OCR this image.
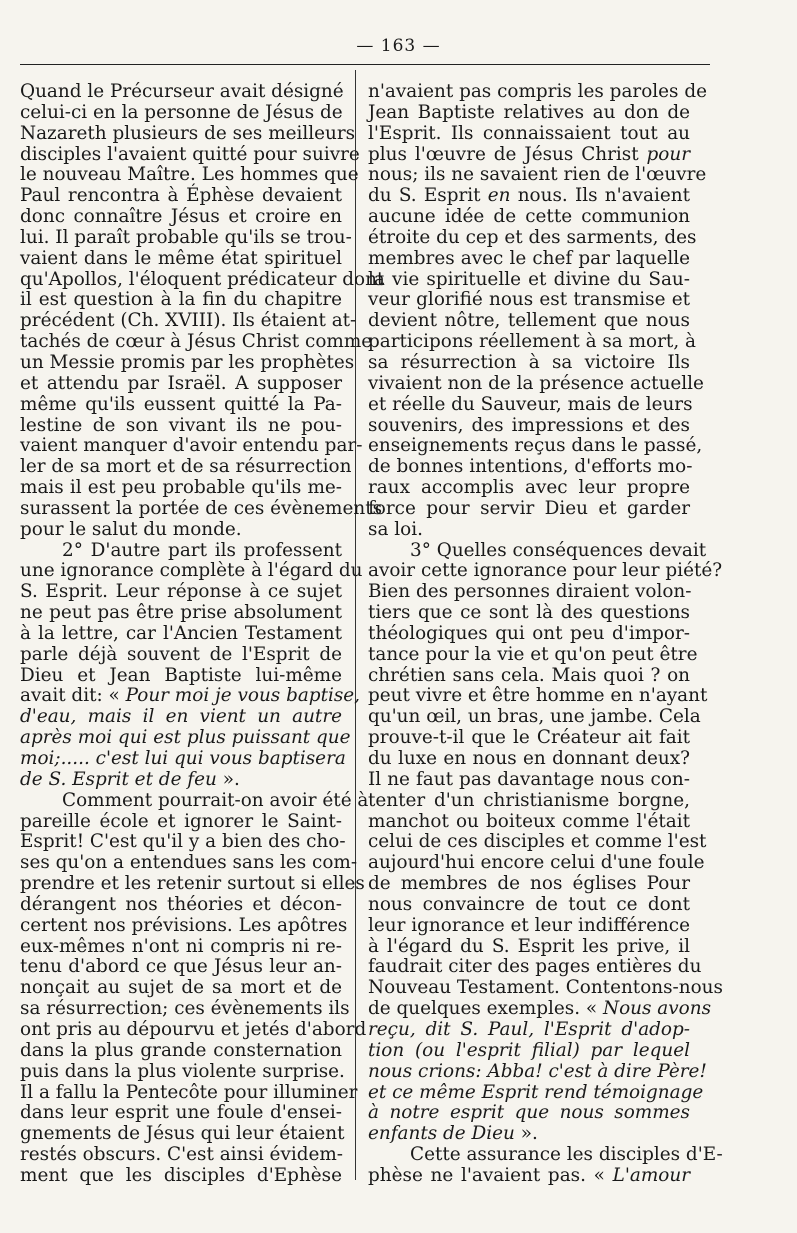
— 163 —
Quand le Précurseur avait désigné
celui-ci en la personne de Jésus de
Nazareth plusieurs de ses meilleurs
disciples l'avaient quitté pour suivre
le nouveau Maître. Les hommes que
Paul rencontra à Éphèse devaient
donc connaître Jésus et croire en
lui. Il paraît probable qu'ils se trou-
vaient dans le même état spirituel
qu'Apollos, l'éloquent prédicateur dont
il est question à la fin du chapitre
précédent (Ch. XVIII). Ils étaient at-
tachés de cœur à Jésus Christ comme
un Messie promis par les prophètes
et attendu par Israël. A supposer
même qu'ils eussent quitté la Pa-
lestine de son vivant ils ne pou-
vaient manquer d'avoir entendu par-
ler de sa mort et de sa résurrection
mais il est peu probable qu'ils me-
surassent la portée de ces évènements
pour le salut du monde.
2° D'autre part ils professent
une ignorance complète à l'égard du
S. Esprit. Leur réponse à ce sujet
ne peut pas être prise absolument
à la lettre, car l'Ancien Testament
parle déjà souvent de l'Esprit de
Dieu et Jean Baptiste lui-même
avait dit: « Pour moi je vous baptise,
d'eau, mais il en vient un autre
après moi qui est plus puissant que
moi;..... c'est lui qui vous baptisera
de S. Esprit et de feu ».
Comment pourrait-on avoir été à
pareille école et ignorer le Saint-
Esprit! C'est qu'il y a bien des cho-
ses qu'on a entendues sans les com-
prendre et les retenir surtout si elles
dérangent nos théories et décon-
certent nos prévisions. Les apôtres
eux-mêmes n'ont ni compris ni re-
tenu d'abord ce que Jésus leur an-
nonçait au sujet de sa mort et de
sa résurrection; ces évènements ils
ont pris au dépourvu et jetés d'abord
dans la plus grande consternation
puis dans la plus violente surprise.
Il a fallu la Pentecôte pour illuminer
dans leur esprit une foule d'ensei-
gnements de Jésus qui leur étaient
restés obscurs. C'est ainsi évidem-
ment que les disciples d'Ephèse
n'avaient pas compris les paroles de
Jean Baptiste relatives au don de
l'Esprit. Ils connaissaient tout au
plus l'œuvre de Jésus Christ pour
nous; ils ne savaient rien de l'œuvre
du S. Esprit en nous. Ils n'avaient
aucune idée de cette communion
étroite du cep et des sarments, des
membres avec le chef par laquelle
la vie spirituelle et divine du Sau-
veur glorifié nous est transmise et
devient nôtre, tellement que nous
participons réellement à sa mort, à
sa résurrection à sa victoire Ils
vivaient non de la présence actuelle
et réelle du Sauveur, mais de leurs
souvenirs, des impressions et des
enseignements reçus dans le passé,
de bonnes intentions, d'efforts mo-
raux accomplis avec leur propre
force pour servir Dieu et garder
sa loi.
3° Quelles conséquences devait
avoir cette ignorance pour leur piété?
Bien des personnes diraient volon-
tiers que ce sont là des questions
théologiques qui ont peu d'impor-
tance pour la vie et qu'on peut être
chrétien sans cela. Mais quoi ? on
peut vivre et être homme en n'ayant
qu'un œil, un bras, une jambe. Cela
prouve-t-il que le Créateur ait fait
du luxe en nous en donnant deux?
Il ne faut pas davantage nous con-
tenter d'un christianisme borgne,
manchot ou boiteux comme l'était
celui de ces disciples et comme l'est
aujourd'hui encore celui d'une foule
de membres de nos églises Pour
nous convaincre de tout ce dont
leur ignorance et leur indifférence
à l'égard du S. Esprit les prive, il
faudrait citer des pages entières du
Nouveau Testament. Contentons-nous
de quelques exemples. « Nous avons
reçu, dit S. Paul, l'Esprit d'adop-
tion (ou l'esprit filial) par lequel
nous crions: Abba! c'est à dire Père!
et ce même Esprit rend témoignage
à notre esprit que nous sommes
enfants de Dieu ».
Cette assurance les disciples d'E-
phèse ne l'avaient pas. « L'amour
